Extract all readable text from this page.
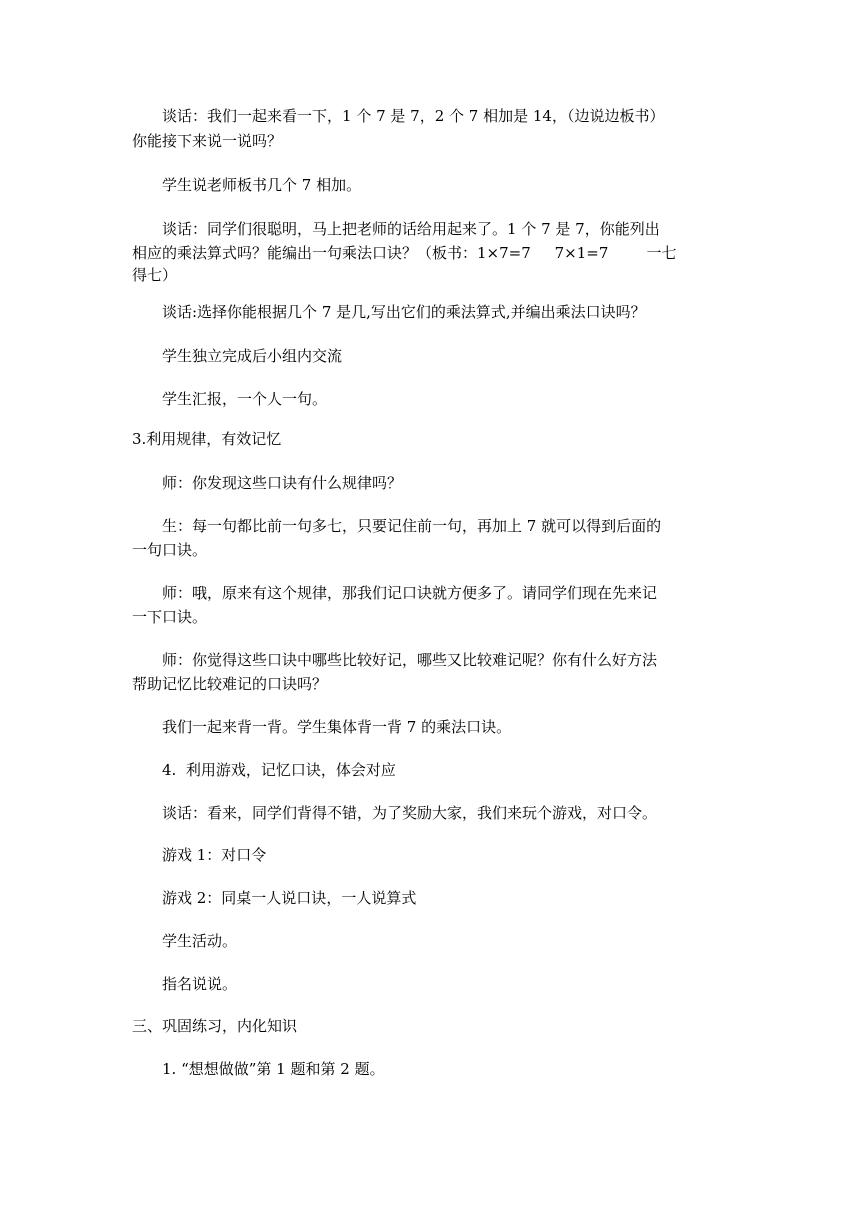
谈话：我们一起来看一下，1 个 7 是 7，2 个 7 相加是 14，（边说边板书）
你能接下来说一说吗？
学生说老师板书几个 7 相加。
谈话：同学们很聪明，马上把老师的话给用起来了。1 个 7 是 7，你能列出
相应的乘法算式吗？能编出一句乘法口诀？（板书：1×7=7     7×1=7        一七
得七）
谈话:选择你能根据几个 7 是几,写出它们的乘法算式,并编出乘法口诀吗？
学生独立完成后小组内交流
学生汇报，一个人一句。
3.利用规律，有效记忆
师：你发现这些口诀有什么规律吗？
生：每一句都比前一句多七，只要记住前一句，再加上 7 就可以得到后面的
一句口诀。
师：哦，原来有这个规律，那我们记口诀就方便多了。请同学们现在先来记
一下口诀。
师：你觉得这些口诀中哪些比较好记，哪些又比较难记呢？你有什么好方法
帮助记忆比较难记的口诀吗？
我们一起来背一背。学生集体背一背 7 的乘法口诀。
4.  利用游戏，记忆口诀，体会对应
谈话：看来，同学们背得不错，为了奖励大家，我们来玩个游戏，对口令。
游戏 1：对口令
游戏 2：同桌一人说口诀，一人说算式
学生活动。
指名说说。
三、巩固练习，内化知识
1. “想想做做”第 1 题和第 2 题。
